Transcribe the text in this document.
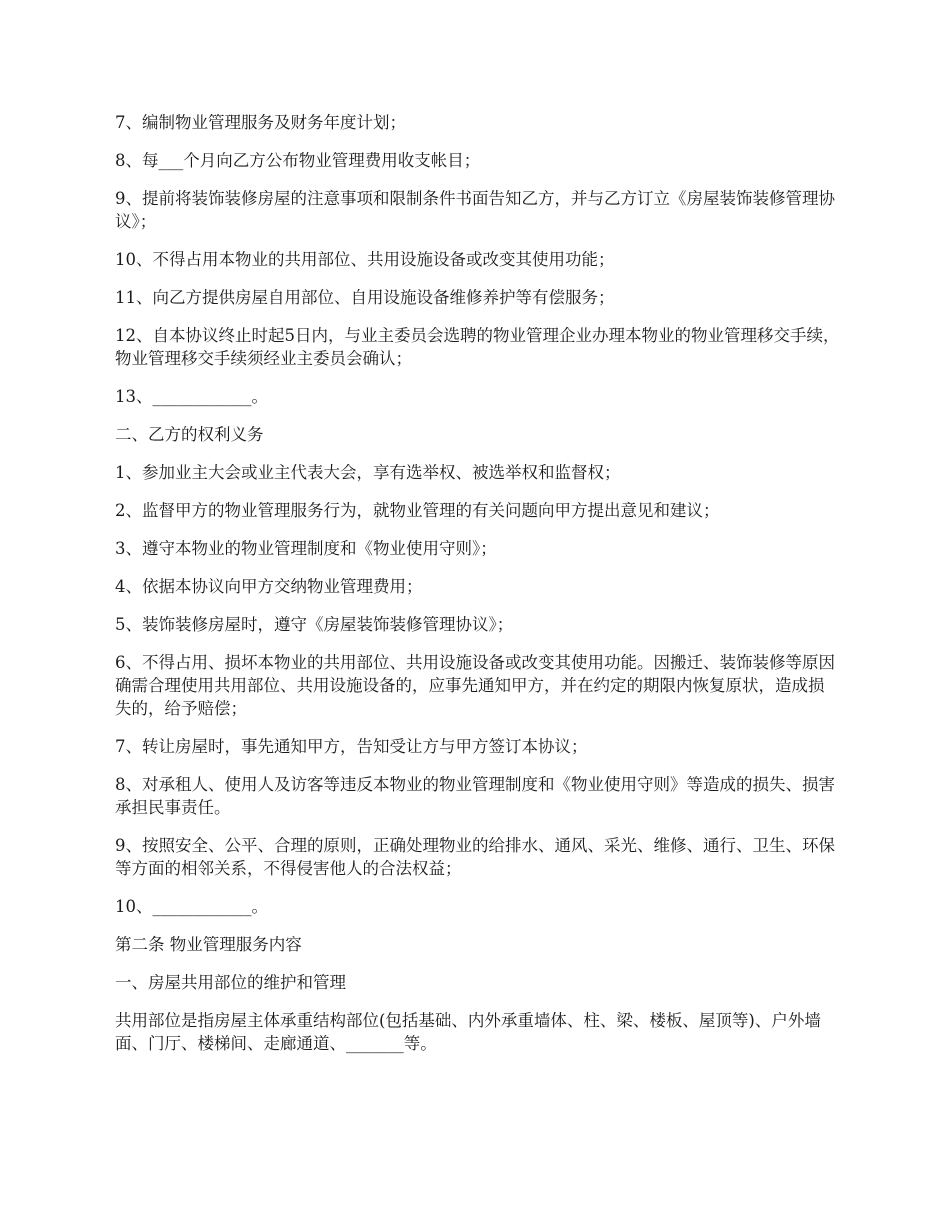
7、编制物业管理服务及财务年度计划；

8、每___个月向乙方公布物业管理费用收支帐目；

9、提前将装饰装修房屋的注意事项和限制条件书面告知乙方，并与乙方订立《房屋装饰装修管理协议》；

10、不得占用本物业的共用部位、共用设施设备或改变其使用功能；

11、向乙方提供房屋自用部位、自用设施设备维修养护等有偿服务；

12、自本协议终止时起5日内，与业主委员会选聘的物业管理企业办理本物业的物业管理移交手续，物业管理移交手续须经业主委员会确认；

13、____________。

二、乙方的权利义务

1、参加业主大会或业主代表大会，享有选举权、被选举权和监督权；

2、监督甲方的物业管理服务行为，就物业管理的有关问题向甲方提出意见和建议；

3、遵守本物业的物业管理制度和《物业使用守则》；

4、依据本协议向甲方交纳物业管理费用；

5、装饰装修房屋时，遵守《房屋装饰装修管理协议》；

6、不得占用、损坏本物业的共用部位、共用设施设备或改变其使用功能。因搬迁、装饰装修等原因确需合理使用共用部位、共用设施设备的，应事先通知甲方，并在约定的期限内恢复原状，造成损失的，给予赔偿；

7、转让房屋时，事先通知甲方，告知受让方与甲方签订本协议；

8、对承租人、使用人及访客等违反本物业的物业管理制度和《物业使用守则》等造成的损失、损害承担民事责任。

9、按照安全、公平、合理的原则，正确处理物业的给排水、通风、采光、维修、通行、卫生、环保等方面的相邻关系，不得侵害他人的合法权益；

10、____________。

第二条 物业管理服务内容

一、房屋共用部位的维护和管理

共用部位是指房屋主体承重结构部位(包括基础、内外承重墙体、柱、梁、楼板、屋顶等)、户外墙面、门厅、楼梯间、走廊通道、_______等。
